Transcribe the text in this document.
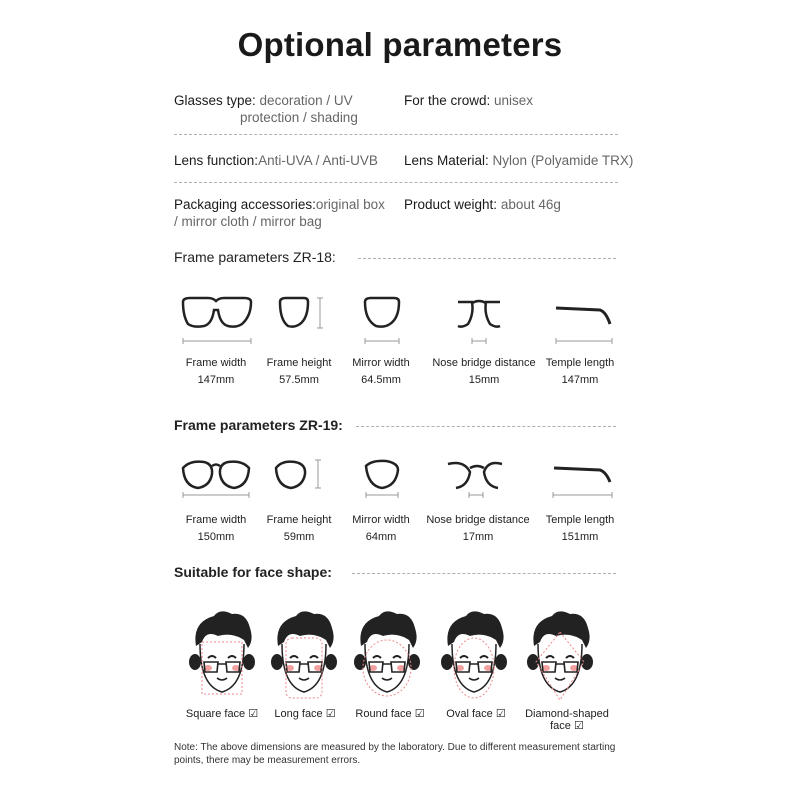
Optional parameters
Glasses type: decoration / UV
protection / shading
For the crowd: unisex
Lens function:Anti-UVA / Anti-UVB Lens Material: Nylon (Polyamide TRX)
Packaging accessories:original box
/ mirror cloth / mirror bag
Product weight: about 46g
Frame parameters ZR-18:
Frame width
147mm
Frame height
57.5mm
Mirror width
64.5mm
Nose bridge distance
15mm
Temple length
147mm
Frame parameters ZR-19:
Frame width
150mm
Frame height
59mm
Mirror width
64mm
Nose bridge distance
17mm
Temple length
151mm
Suitable for face shape:
Square face ☑	Long face ☑	Round face ☑	Oval face ☑	Diamond-shaped face ☑
Note: The above dimensions are measured by the laboratory. Due to different measurement starting points, there may be measurement errors.
